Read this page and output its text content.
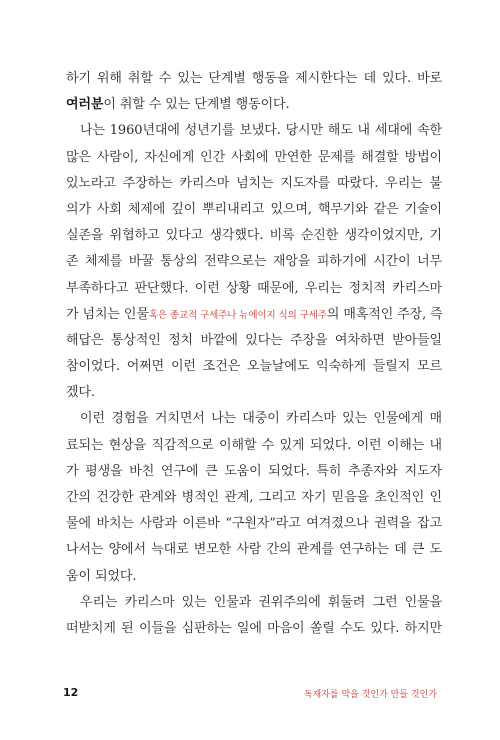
하기 위해 취할 수 있는 단계별 행동을 제시한다는 데 있다. 바로
여러분이 취할 수 있는 단계별 행동이다.
나는 1960년대에 성년기를 보냈다. 당시만 해도 내 세대에 속한
많은 사람이, 자신에게 인간 사회에 만연한 문제를 해결할 방법이
있노라고 주장하는 카리스마 넘치는 지도자를 따랐다. 우리는 불
의가 사회 체제에 깊이 뿌리내리고 있으며, 핵무기와 같은 기술이
실존을 위협하고 있다고 생각했다. 비록 순진한 생각이었지만, 기
존 체제를 바꿀 통상의 전략으로는 재앙을 피하기에 시간이 너무
부족하다고 판단했다. 이런 상황 때문에, 우리는 정치적 카리스마
가 넘치는 인물혹은 종교적 구세주나 뉴에이지 식의 구세주의 매혹적인 주장, 즉
해답은 통상적인 정치 바깥에 있다는 주장을 여차하면 받아들일
참이었다. 어쩌면 이런 조건은 오늘날에도 익숙하게 들릴지 모르
겠다.
이런 경험을 거치면서 나는 대중이 카리스마 있는 인물에게 매
료되는 현상을 직감적으로 이해할 수 있게 되었다. 이런 이해는 내
가 평생을 바친 연구에 큰 도움이 되었다. 특히 추종자와 지도자
간의 건강한 관계와 병적인 관계, 그리고 자기 믿음을 초인적인 인
물에 바치는 사람과 이른바 “구원자”라고 여겨졌으나 권력을 잡고
나서는 양에서 늑대로 변모한 사람 간의 관계를 연구하는 데 큰 도
움이 되었다.
우리는 카리스마 있는 인물과 권위주의에 휘둘려 그런 인물을
떠받치게 된 이들을 심판하는 일에 마음이 쏠릴 수도 있다. 하지만
12	독재자를 막을 것인가 만들 것인가
